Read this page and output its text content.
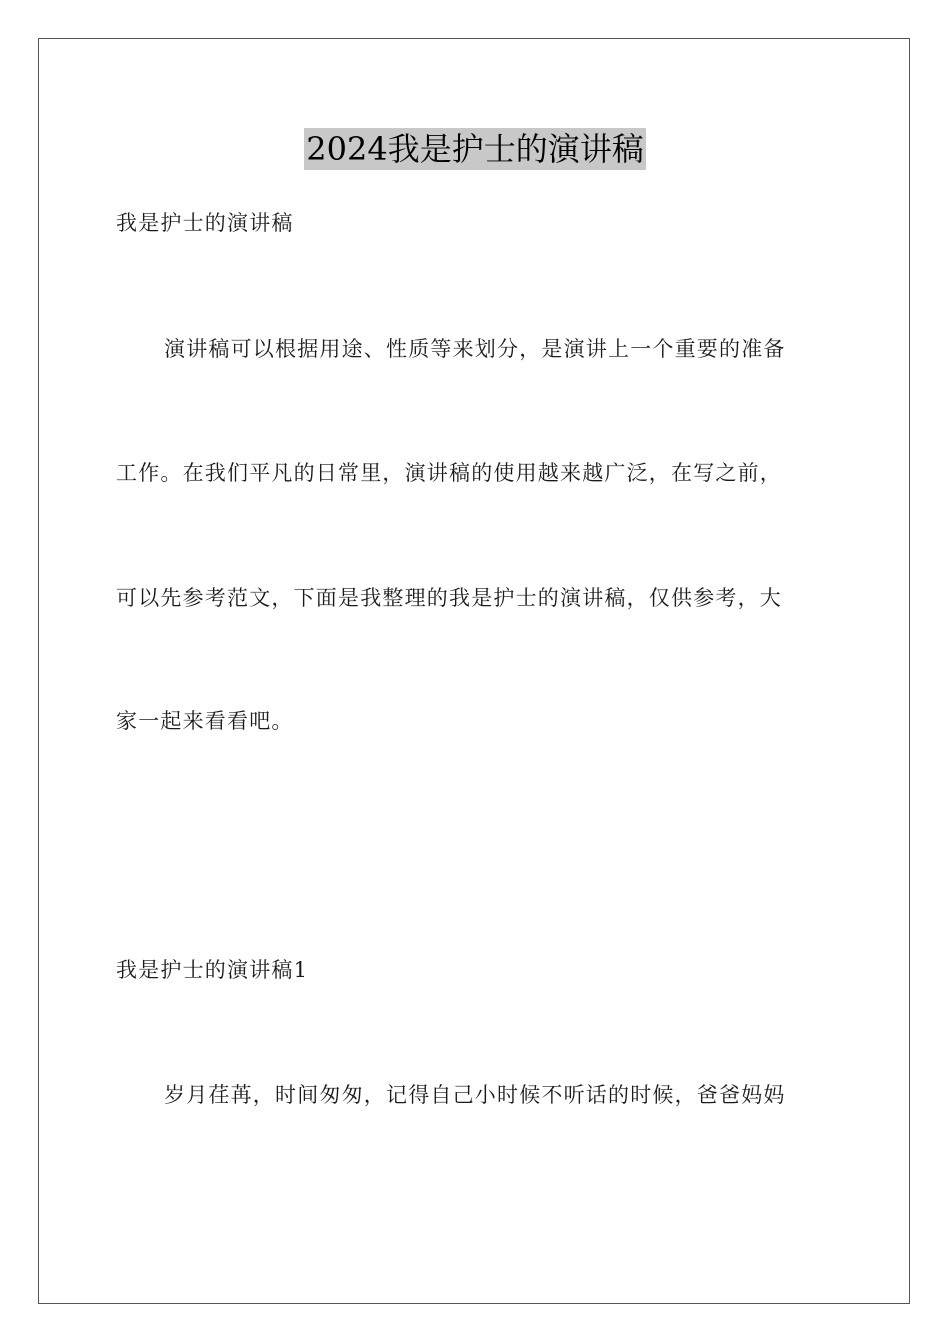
2024我是护士的演讲稿
我是护士的演讲稿
演讲稿可以根据用途、性质等来划分，是演讲上一个重要的准备
工作。在我们平凡的日常里，演讲稿的使用越来越广泛，在写之前，
可以先参考范文，下面是我整理的我是护士的演讲稿，仅供参考，大
家一起来看看吧。
我是护士的演讲稿1
岁月荏苒，时间匆匆，记得自己小时候不听话的时候，爸爸妈妈
